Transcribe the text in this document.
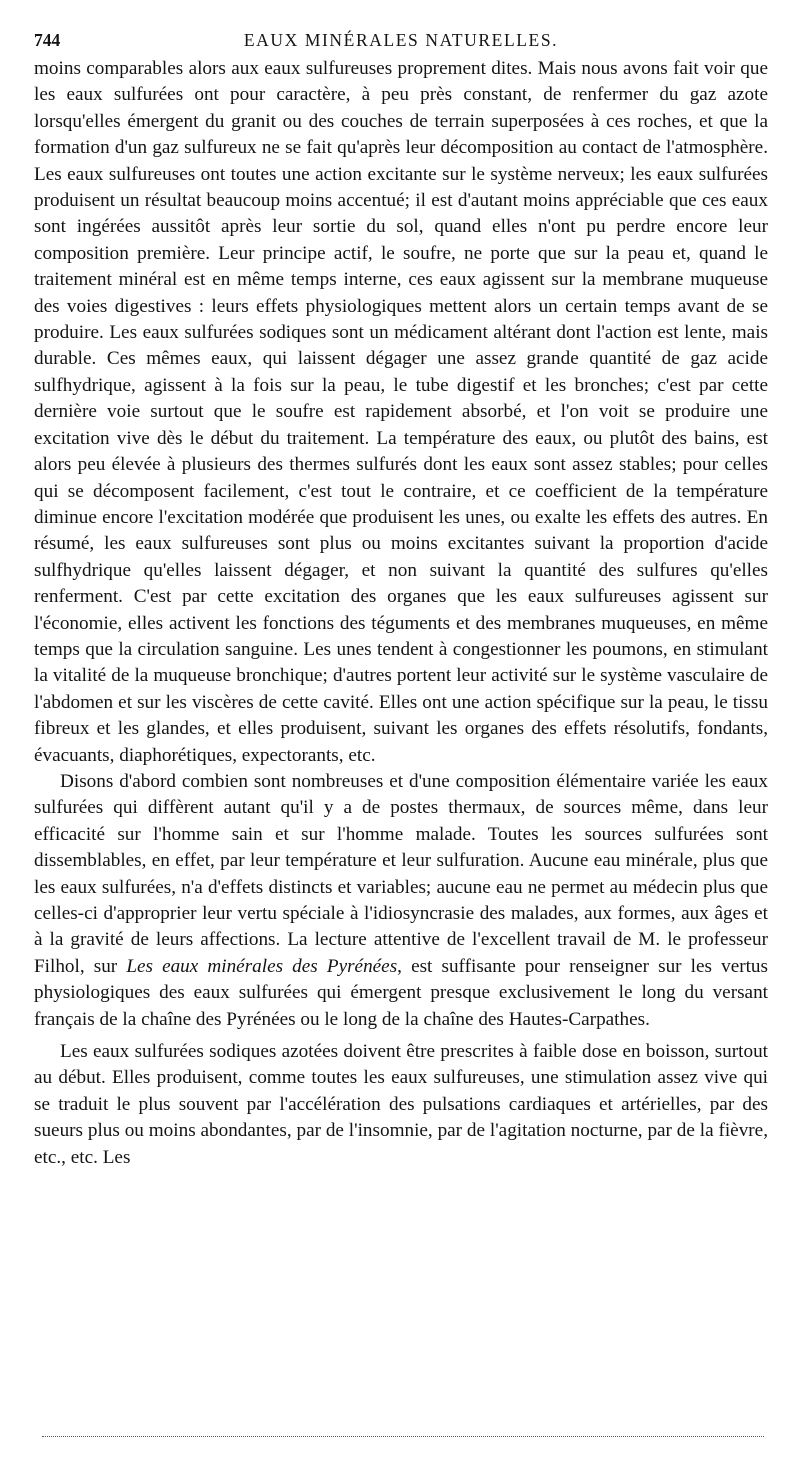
744	EAUX MINÉRALES NATURELLES.

moins comparables alors aux eaux sulfureuses proprement dites. Mais nous avons fait voir que les eaux sulfurées ont pour caractère, à peu près constant, de renfermer du gaz azote lorsqu'elles émergent du granit ou des couches de terrain superposées à ces roches, et que la formation d'un gaz sulfureux ne se fait qu'après leur décomposition au contact de l'atmosphère. Les eaux sulfureuses ont toutes une action excitante sur le système nerveux; les eaux sulfurées produisent un résultat beaucoup moins accentué; il est d'autant moins appréciable que ces eaux sont ingérées aussitôt après leur sortie du sol, quand elles n'ont pu perdre encore leur composition première. Leur principe actif, le soufre, ne porte que sur la peau et, quand le traitement minéral est en même temps interne, ces eaux agissent sur la membrane muqueuse des voies digestives : leurs effets physiologiques mettent alors un certain temps avant de se produire. Les eaux sulfurées sodiques sont un médicament altérant dont l'action est lente, mais durable. Ces mêmes eaux, qui laissent dégager une assez grande quantité de gaz acide sulfhydrique, agissent à la fois sur la peau, le tube digestif et les bronches; c'est par cette dernière voie surtout que le soufre est rapidement absorbé, et l'on voit se produire une excitation vive dès le début du traitement. La température des eaux, ou plutôt des bains, est alors peu élevée à plusieurs des thermes sulfurés dont les eaux sont assez stables; pour celles qui se décomposent facilement, c'est tout le contraire, et ce coefficient de la température diminue encore l'excitation modérée que produisent les unes, ou exalte les effets des autres. En résumé, les eaux sulfureuses sont plus ou moins excitantes suivant la proportion d'acide sulfhydrique qu'elles laissent dégager, et non suivant la quantité des sulfures qu'elles renferment. C'est par cette excitation des organes que les eaux sulfureuses agissent sur l'économie, elles activent les fonctions des téguments et des membranes muqueuses, en même temps que la circulation sanguine. Les unes tendent à congestionner les poumons, en stimulant la vitalité de la muqueuse bronchique; d'autres portent leur activité sur le système vasculaire de l'abdomen et sur les viscères de cette cavité. Elles ont une action spécifique sur la peau, le tissu fibreux et les glandes, et elles produisent, suivant les organes des effets résolutifs, fondants, évacuants, diaphorétiques, expectorants, etc.

Disons d'abord combien sont nombreuses et d'une composition élémentaire variée les eaux sulfurées qui diffèrent autant qu'il y a de postes thermaux, de sources même, dans leur efficacité sur l'homme sain et sur l'homme malade. Toutes les sources sulfurées sont dissemblables, en effet, par leur température et leur sulfuration. Aucune eau minérale, plus que les eaux sulfurées, n'a d'effets distincts et variables; aucune eau ne permet au médecin plus que celles-ci d'approprier leur vertu spéciale à l'idiosyncrasie des malades, aux formes, aux âges et à la gravité de leurs affections. La lecture attentive de l'excellent travail de M. le professeur Filhol, sur Les eaux minérales des Pyrénées, est suffisante pour renseigner sur les vertus physiologiques des eaux sulfurées qui émergent presque exclusivement le long du versant français de la chaîne des Pyrénées ou le long de la chaîne des Hautes-Carpathes.

Les eaux sulfurées sodiques azotées doivent être prescrites à faible dose en boisson, surtout au début. Elles produisent, comme toutes les eaux sulfureuses, une stimulation assez vive qui se traduit le plus souvent par l'accélération des pulsations cardiaques et artérielles, par des sueurs plus ou moins abondantes, par de l'insomnie, par de l'agitation nocturne, par de la fièvre, etc., etc. Les
